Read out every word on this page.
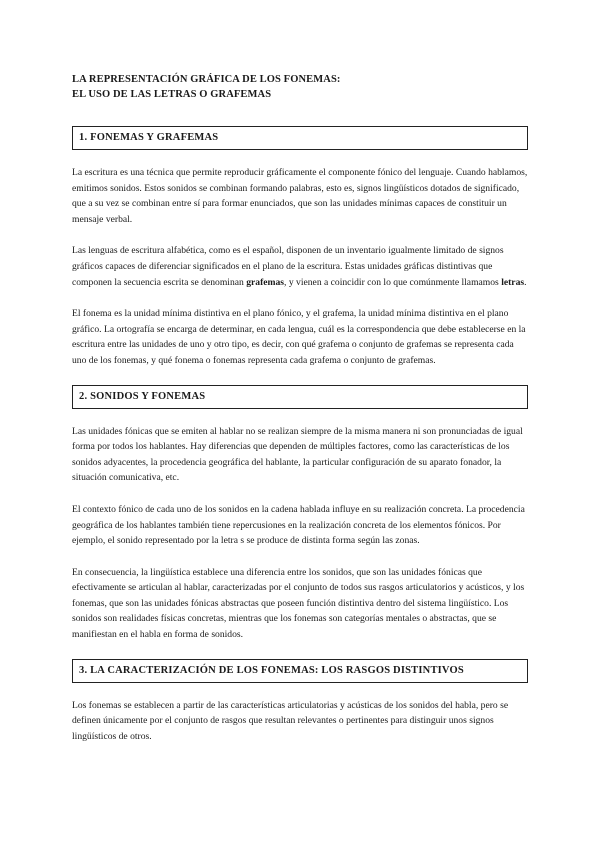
LA REPRESENTACIÓN GRÁFICA DE LOS FONEMAS:
EL USO DE LAS LETRAS O GRAFEMAS
1. FONEMAS Y GRAFEMAS

La escritura es una técnica que permite reproducir gráficamente el componente fónico del lenguaje. Cuando hablamos, emitimos sonidos. Estos sonidos se combinan formando palabras, esto es, signos lingüísticos dotados de significado, que a su vez se combinan entre sí para formar enunciados, que son las unidades mínimas capaces de constituir un mensaje verbal.

Las lenguas de escritura alfabética, como es el español, disponen de un inventario igualmente limitado de signos gráficos capaces de diferenciar significados en el plano de la escritura. Estas unidades gráficas distintivas que componen la secuencia escrita se denominan grafemas, y vienen a coincidir con lo que comúnmente llamamos letras.

El fonema es la unidad mínima distintiva en el plano fónico, y el grafema, la unidad mínima distintiva en el plano gráfico. La ortografía se encarga de determinar, en cada lengua, cuál es la correspondencia que debe establecerse en la escritura entre las unidades de uno y otro tipo, es decir, con qué grafema o conjunto de grafemas se representa cada uno de los fonemas, y qué fonema o fonemas representa cada grafema o conjunto de grafemas.

2. SONIDOS Y FONEMAS

Las unidades fónicas que se emiten al hablar no se realizan siempre de la misma manera ni son pronunciadas de igual forma por todos los hablantes. Hay diferencias que dependen de múltiples factores, como las características de los sonidos adyacentes, la procedencia geográfica del hablante, la particular configuración de su aparato fonador, la situación comunicativa, etc.

El contexto fónico de cada uno de los sonidos en la cadena hablada influye en su realización concreta. La procedencia geográfica de los hablantes también tiene repercusiones en la realización concreta de los elementos fónicos. Por ejemplo, el sonido representado por la letra s se produce de distinta forma según las zonas.

En consecuencia, la lingüística establece una diferencia entre los sonidos, que son las unidades fónicas que efectivamente se articulan al hablar, caracterizadas por el conjunto de todos sus rasgos articulatorios y acústicos, y los fonemas, que son las unidades fónicas abstractas que poseen función distintiva dentro del sistema lingüístico. Los sonidos son realidades físicas concretas, mientras que los fonemas son categorías mentales o abstractas, que se manifiestan en el habla en forma de sonidos.

3. LA CARACTERIZACIÓN DE LOS FONEMAS: LOS RASGOS DISTINTIVOS

Los fonemas se establecen a partir de las características articulatorias y acústicas de los sonidos del habla, pero se definen únicamente por el conjunto de rasgos que resultan relevantes o pertinentes para distinguir unos signos lingüísticos de otros.
